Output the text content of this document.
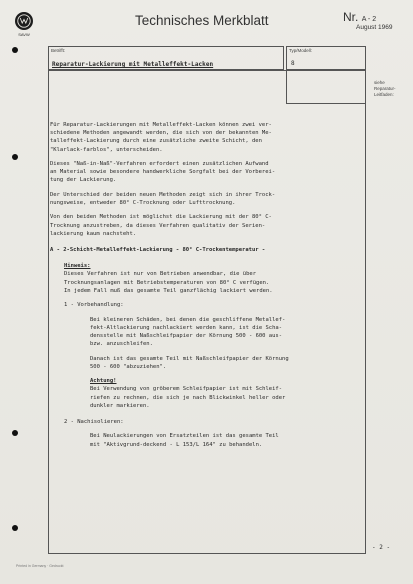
SAVW
Technisches Merkblatt	Nr. A - 2
August 1969
Betrifft:
Reparatur-Lackierung mit Metalleffekt-Lacken
Typ/Modell:
8
siehe
Reparatur-
Leitfaden:
Für Reparatur-Lackierungen mit Metalleffekt-Lacken können zwei ver-
schiedene Methoden angewandt werden, die sich von der bekannten Me-
talleffekt-Lackierung durch eine zusätzliche zweite Schicht, den
"Klarlack-farblos", unterscheiden.
Dieses "Naß-in-Naß"-Verfahren erfordert einen zusätzlichen Aufwand
an Material sowie besondere handwerkliche Sorgfalt bei der Vorberei-
tung der Lackierung.
Der Unterschied der beiden neuen Methoden zeigt sich in ihrer Trock-
nungsweise, entweder 80° C-Trocknung oder Lufttrocknung.
Von den beiden Methoden ist möglichst die Lackierung mit der 80° C-
Trocknung anzustreben, da dieses Verfahren qualitativ der Serien-
lackierung kaum nachsteht.
A - 2-Schicht-Metalleffekt-Lackierung - 80° C-Trockentemperatur -
Hinweis:
Dieses Verfahren ist nur von Betrieben anwendbar, die über
Trocknungsanlagen mit Betriebstemperaturen von 80° C verfügen.
In jedem Fall muß das gesamte Teil ganzflächig lackiert werden.
1 - Vorbehandlung:
Bei kleineren Schäden, bei denen die geschliffene Metallef-
fekt-Altlackierung nachlackiert werden kann, ist die Scha-
densstelle mit Naßschleifpapier der Körnung 500 - 600 aus-
bzw. anzuschleifen.
Danach ist das gesamte Teil mit Naßschleifpapier der Körnung
500 - 600 "abzuziehen".
Achtung!
Bei Verwendung von gröberem Schleifpapier ist mit Schleif-
riefen zu rechnen, die sich je nach Blickwinkel heller oder
dunkler markieren.
2 - Nachisolieren:
Bei Neulackierungen von Ersatzteilen ist das gesamte Teil
mit "Aktivgrund-deckend - L 153/L 164" zu behandeln.
- 2 -
Printed in Germany · Gedruckt
